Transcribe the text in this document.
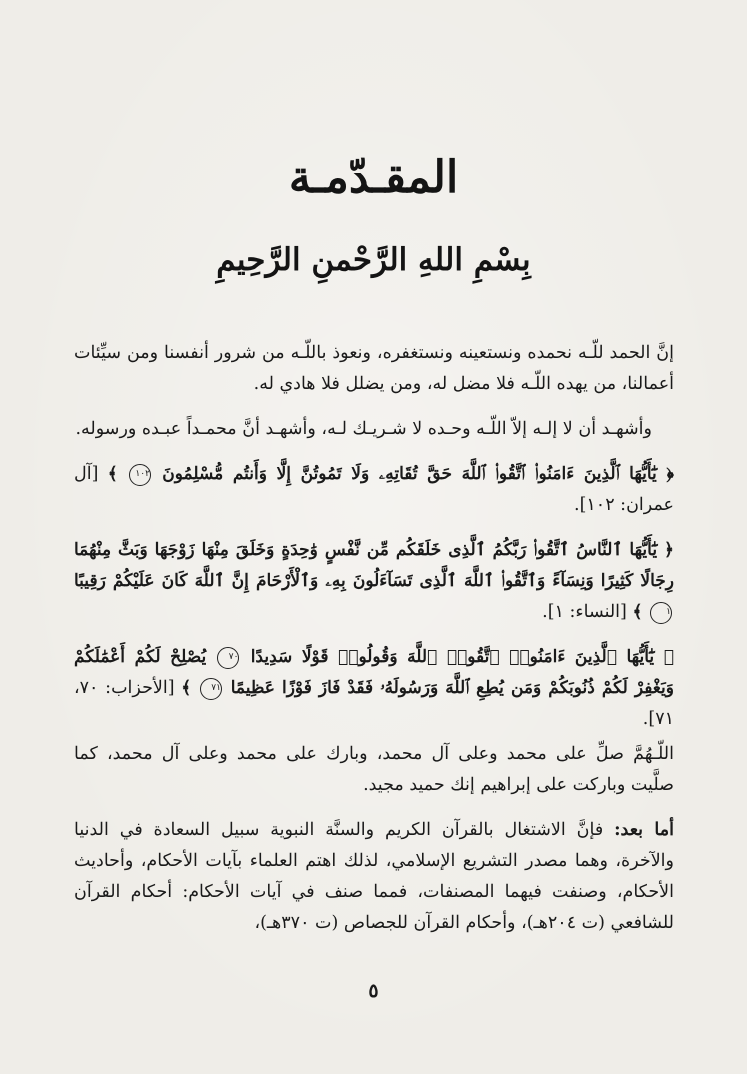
المقـدّمـة
بِسْمِ اللهِ الرَّحْمنِ الرَّحِيمِ

إنَّ الحمد للّـه نحمده ونستعينه ونستغفره، ونعوذ باللّـه من شرور أنفسنا ومن سيِّئات أعمالنا، من يهده اللّـه فلا مضل له، ومن يضلل فلا هادي له.

وأشهـد أن لا إلـه إلاّ اللّـه وحـده لا شـريـك لـه، وأشهـد أنَّ محمـداً عبـده ورسوله.

﴿ يَٰٓأَيُّهَا ٱلَّذِينَ ءَامَنُوا۟ ٱتَّقُوا۟ ٱللَّهَ حَقَّ تُقَاتِهِۦ وَلَا تَمُوتُنَّ إِلَّا وَأَنتُم مُّسْلِمُونَ ١٠٢ ﴾ [آل عمران: ١٠٢].

﴿ يَٰٓأَيُّهَا ٱلنَّاسُ ٱتَّقُوا۟ رَبَّكُمُ ٱلَّذِى خَلَقَكُم مِّن نَّفْسٍ وَٰحِدَةٍ وَخَلَقَ مِنْهَا زَوْجَهَا وَبَثَّ مِنْهُمَا رِجَالًا كَثِيرًا وَنِسَآءً وَٱتَّقُوا۟ ٱللَّهَ ٱلَّذِى تَسَآءَلُونَ بِهِۦ وَٱلْأَرْحَامَ إِنَّ ٱللَّهَ كَانَ عَلَيْكُمْ رَقِيبًا ١ ﴾ [النساء: ١].

﴿ يَٰٓأَيُّهَا ٱلَّذِينَ ءَامَنُوا۟ ٱتَّقُوا۟ ٱللَّهَ وَقُولُوا۟ قَوْلًا سَدِيدًا ٧٠ يُصْلِحْ لَكُمْ أَعْمَٰلَكُمْ وَيَغْفِرْ لَكُمْ ذُنُوبَكُمْ وَمَن يُطِعِ ٱللَّهَ وَرَسُولَهُۥ فَقَدْ فَازَ فَوْزًا عَظِيمًا ٧١ ﴾ [الأحزاب: ٧٠، ٧١].

اللّـهُمَّ صلِّ على محمد وعلى آل محمد، وبارك على محمد وعلى آل محمد، كما صلَّيت وباركت على إبراهيم إنك حميد مجيد.

أما بعد: فإنَّ الاشتغال بالقرآن الكريم والسنَّة النبوية سبيل السعادة في الدنيا والآخرة، وهما مصدر التشريع الإسلامي، لذلك اهتم العلماء بآيات الأحكام، وأحاديث الأحكام، وصنفت فيهما المصنفات، فمما صنف في آيات الأحكام: أحكام القرآن للشافعي (ت ٢٠٤هـ)، وأحكام القرآن للجصاص (ت ٣٧٠هـ)،

٥
